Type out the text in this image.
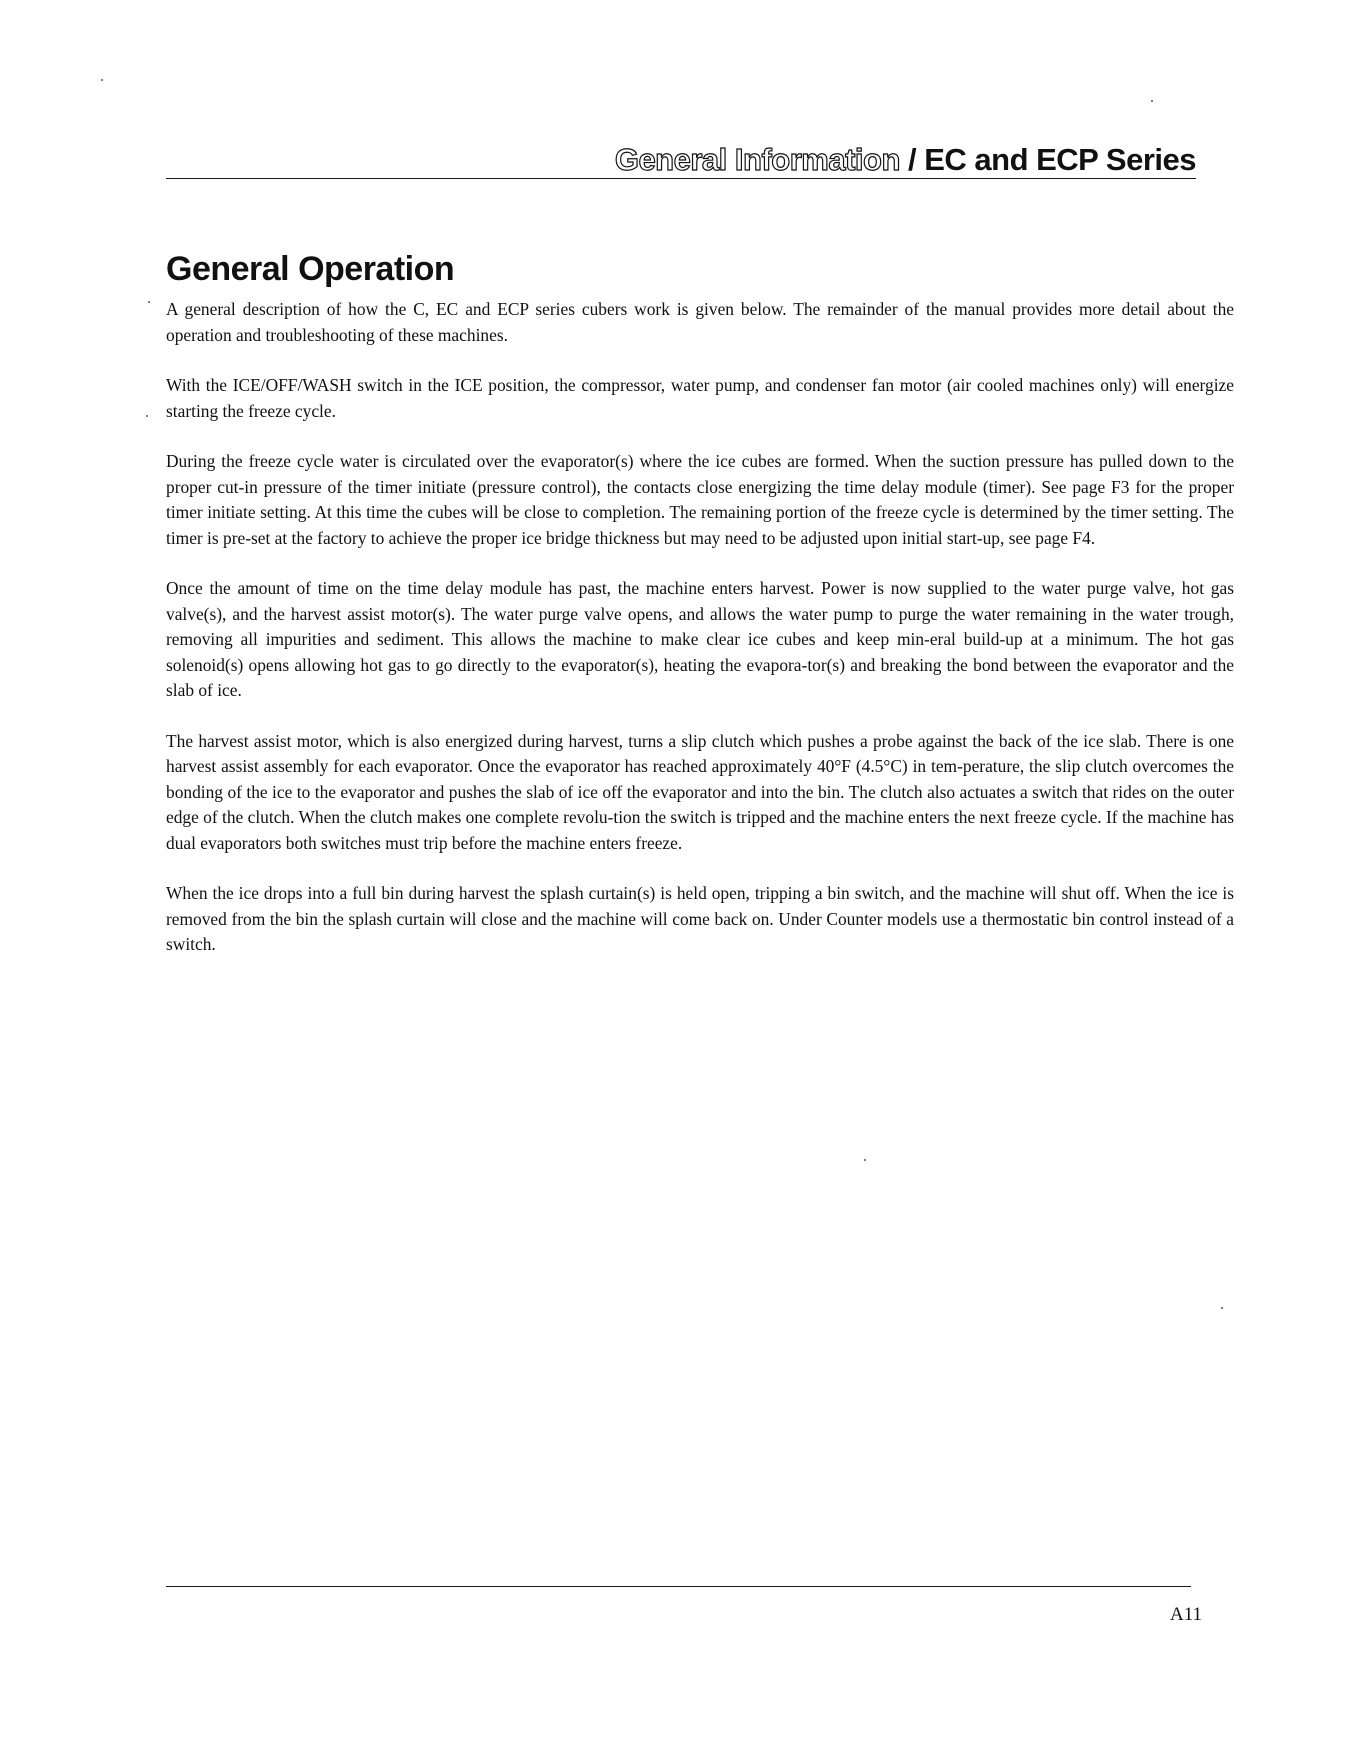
General Information / EC and ECP Series
General Operation

A general description of how the C, EC and ECP series cubers work is given below. The remainder of the manual provides more detail about the operation and troubleshooting of these machines.

With the ICE/OFF/WASH switch in the ICE position, the compressor, water pump, and condenser fan motor (air cooled machines only) will energize starting the freeze cycle.

During the freeze cycle water is circulated over the evaporator(s) where the ice cubes are formed. When the suction pressure has pulled down to the proper cut-in pressure of the timer initiate (pressure control), the contacts close energizing the time delay module (timer). See page F3 for the proper timer initiate setting. At this time the cubes will be close to completion. The remaining portion of the freeze cycle is determined by the timer setting. The timer is pre-set at the factory to achieve the proper ice bridge thickness but may need to be adjusted upon initial start-up, see page F4.

Once the amount of time on the time delay module has past, the machine enters harvest. Power is now supplied to the water purge valve, hot gas valve(s), and the harvest assist motor(s). The water purge valve opens, and allows the water pump to purge the water remaining in the water trough, removing all impurities and sediment. This allows the machine to make clear ice cubes and keep min-eral build-up at a minimum. The hot gas solenoid(s) opens allowing hot gas to go directly to the evaporator(s), heating the evapora-tor(s) and breaking the bond between the evaporator and the slab of ice.

The harvest assist motor, which is also energized during harvest, turns a slip clutch which pushes a probe against the back of the ice slab. There is one harvest assist assembly for each evaporator. Once the evaporator has reached approximately 40°F (4.5°C) in tem-perature, the slip clutch overcomes the bonding of the ice to the evaporator and pushes the slab of ice off the evaporator and into the bin. The clutch also actuates a switch that rides on the outer edge of the clutch. When the clutch makes one complete revolu-tion the switch is tripped and the machine enters the next freeze cycle. If the machine has dual evaporators both switches must trip before the machine enters freeze.

When the ice drops into a full bin during harvest the splash curtain(s) is held open, tripping a bin switch, and the machine will shut off. When the ice is removed from the bin the splash curtain will close and the machine will come back on. Under Counter models use a thermostatic bin control instead of a switch.

A11
